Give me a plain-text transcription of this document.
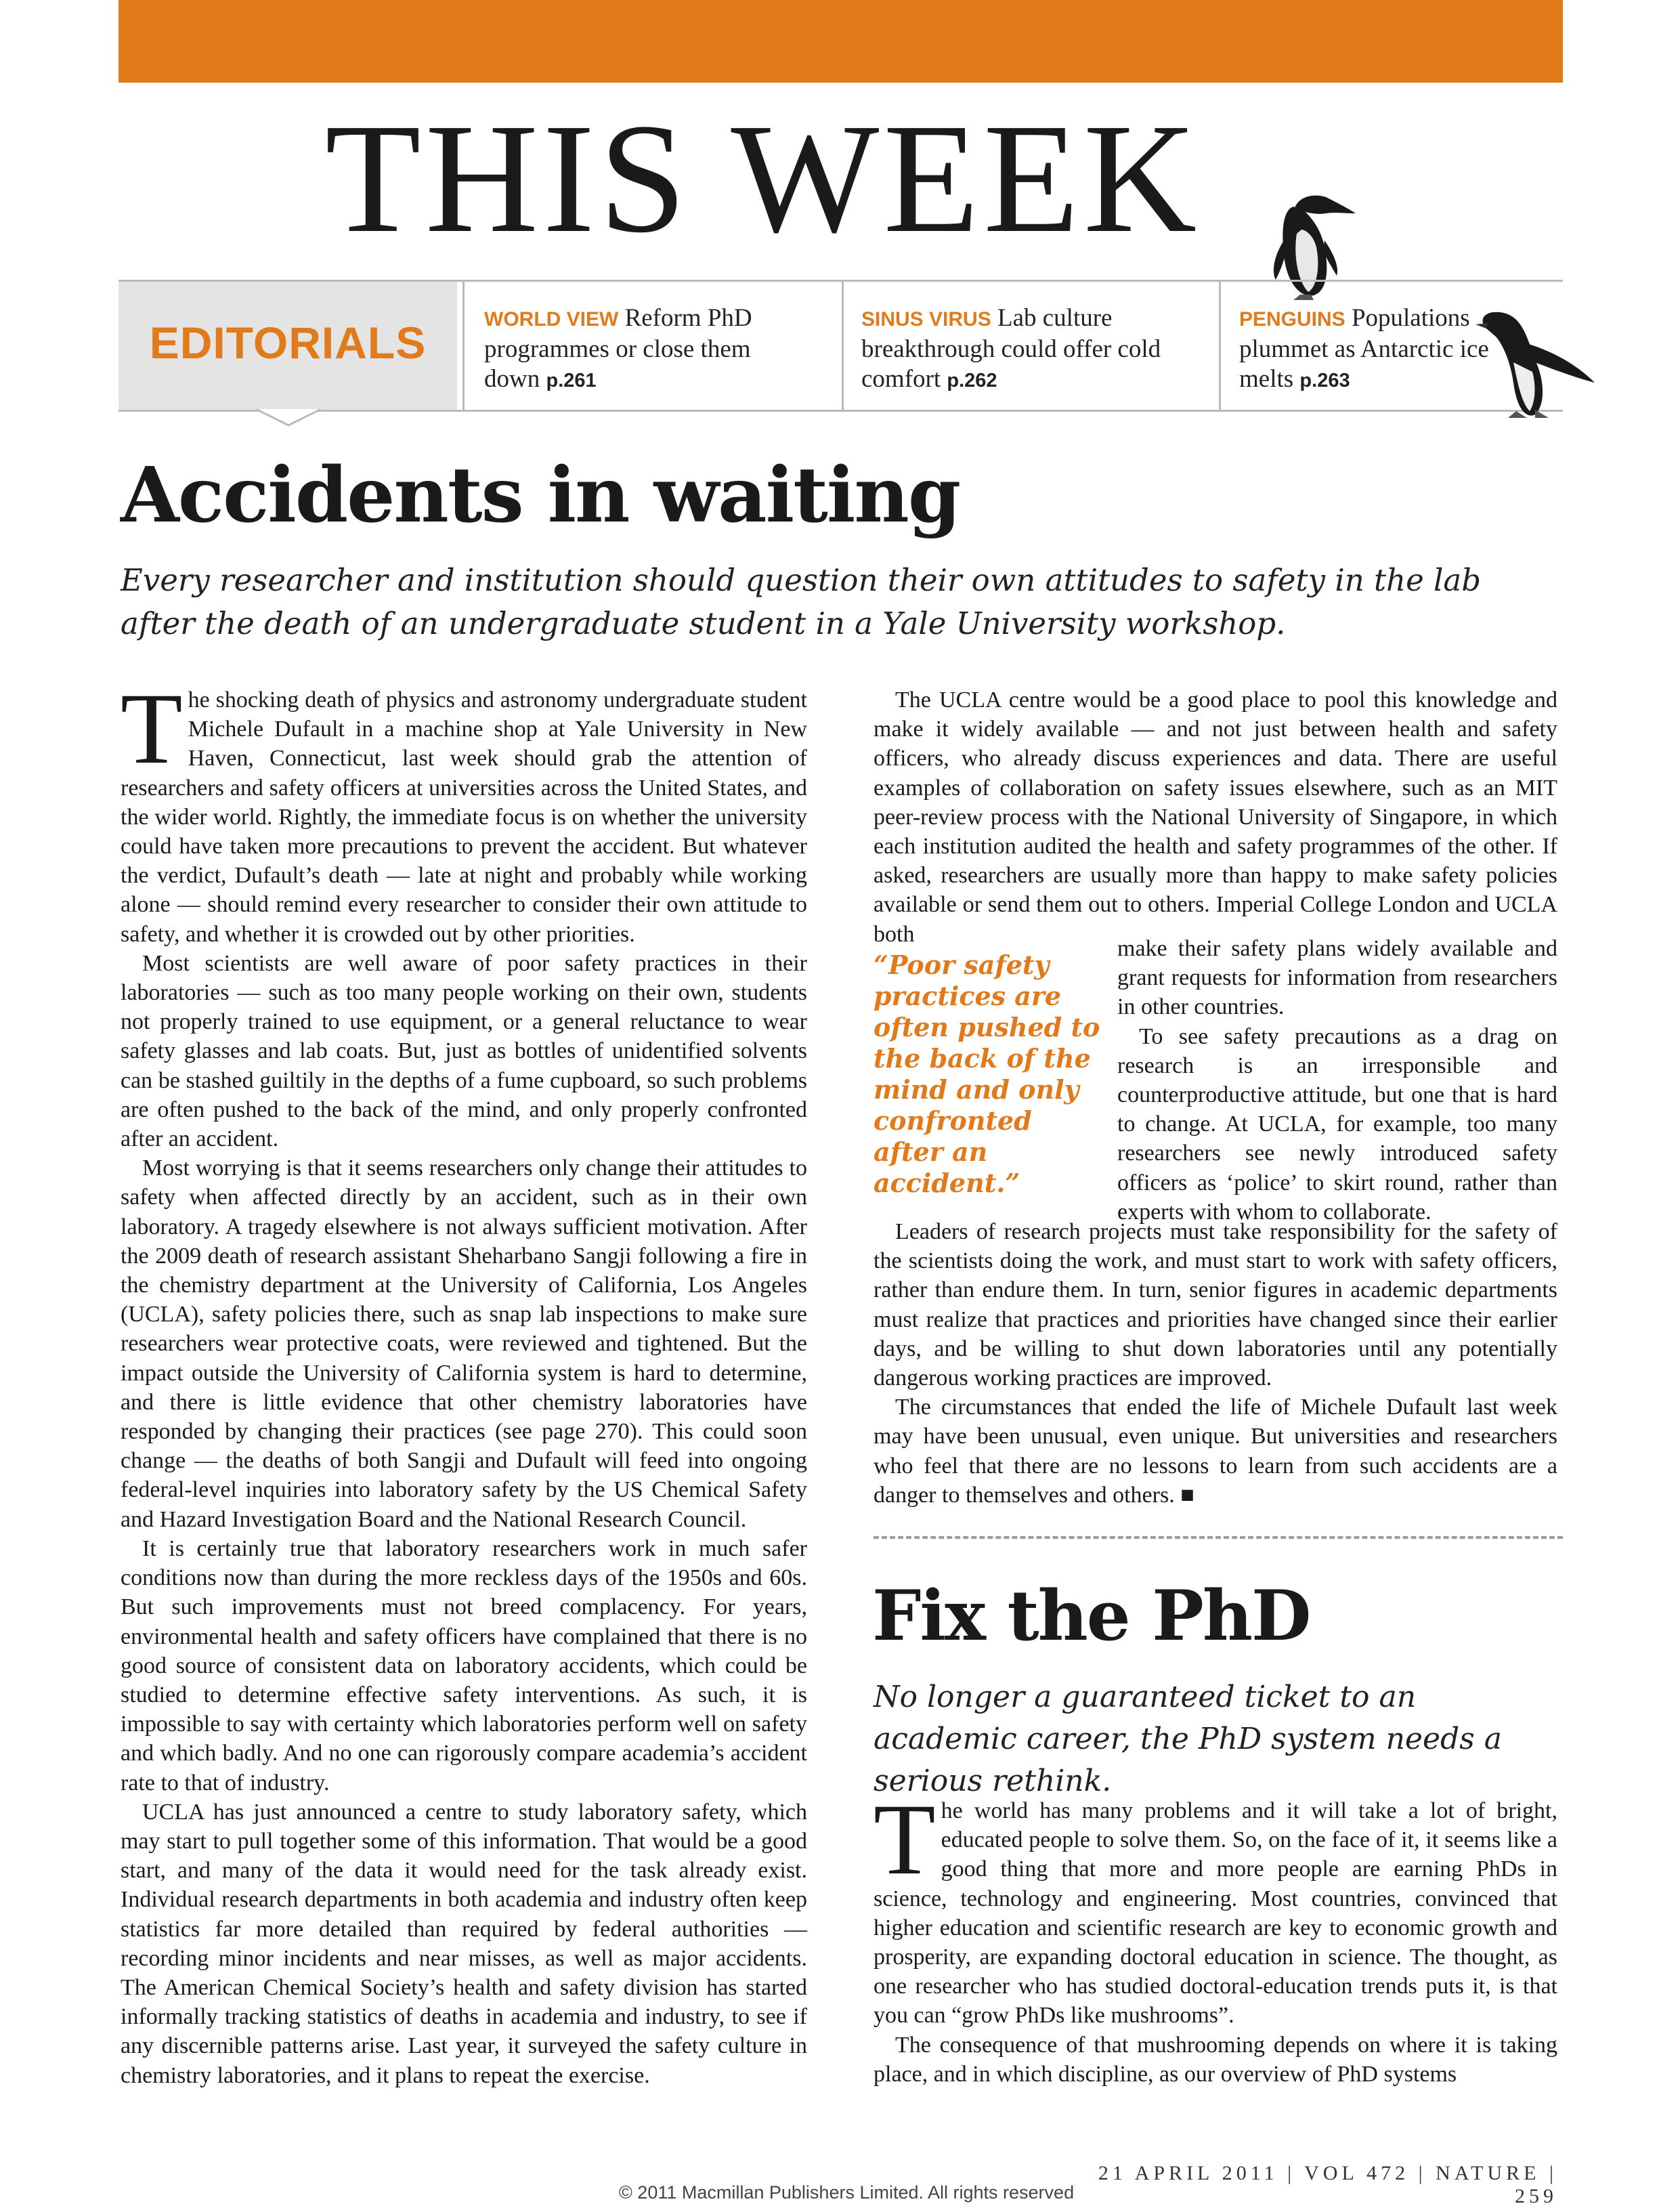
THIS WEEK
EDITORIALS	WORLD VIEW Reform PhD programmes or close them down p.261
SINUS VIRUS Lab culture breakthrough could offer cold comfort p.262
PENGUINS Populations plummet as Antarctic ice melts p.263
Accidents in waiting
Every researcher and institution should question their own attitudes to safety in the lab after the death of an undergraduate student in a Yale University workshop.

The shocking death of physics and astronomy undergraduate student Michele Dufault in a machine shop at Yale University in New Haven, Connecticut, last week should grab the attention of researchers and safety officers at universities across the United States, and the wider world. Rightly, the immediate focus is on whether the university could have taken more precautions to prevent the accident. But whatever the verdict, Dufault’s death — late at night and probably while working alone — should remind every researcher to consider their own attitude to safety, and whether it is crowded out by other priorities.

Most scientists are well aware of poor safety practices in their laboratories — such as too many people working on their own, students not properly trained to use equipment, or a general reluctance to wear safety glasses and lab coats. But, just as bottles of unidentified solvents can be stashed guiltily in the depths of a fume cupboard, so such problems are often pushed to the back of the mind, and only properly confronted after an accident.

Most worrying is that it seems researchers only change their attitudes to safety when affected directly by an accident, such as in their own laboratory. A tragedy elsewhere is not always sufficient motivation. After the 2009 death of research assistant Sheharbano Sangji following a fire in the chemistry department at the University of California, Los Angeles (UCLA), safety policies there, such as snap lab inspections to make sure researchers wear protective coats, were reviewed and tightened. But the impact outside the University of California system is hard to determine, and there is little evidence that other chemistry laboratories have responded by changing their practices (see page 270). This could soon change — the deaths of both Sangji and Dufault will feed into ongoing federal-level inquiries into laboratory safety by the US Chemical Safety and Hazard Investigation Board and the National Research Council.

It is certainly true that laboratory researchers work in much safer conditions now than during the more reckless days of the 1950s and 60s. But such improvements must not breed complacency. For years, environmental health and safety officers have complained that there is no good source of consistent data on laboratory accidents, which could be studied to determine effective safety interventions. As such, it is impossible to say with certainty which laboratories perform well on safety and which badly. And no one can rigorously compare academia’s accident rate to that of industry.

UCLA has just announced a centre to study laboratory safety, which may start to pull together some of this information. That would be a good start, and many of the data it would need for the task already exist. Individual research departments in both academia and industry often keep statistics far more detailed than required by federal authorities — recording minor incidents and near misses, as well as major accidents. The American Chemical Society’s health and safety division has started informally tracking statistics of deaths in academia and industry, to see if any discernible patterns arise. Last year, it surveyed the safety culture in chemistry laboratories, and it plans to repeat the exercise.

The UCLA centre would be a good place to pool this knowledge and make it widely available — and not just between health and safety officers, who already discuss experiences and data. There are useful examples of collaboration on safety issues elsewhere, such as an MIT peer-review process with the National University of Singapore, in which each institution audited the health and safety programmes of the other. If asked, researchers are usually more than happy to make safety policies available or send them out to others. Imperial College London and UCLA both

“Poor safety practices are often pushed to the back of the mind and only confronted after an accident.”

make their safety plans widely available and grant requests for information from researchers in other countries.

To see safety precautions as a drag on research is an irresponsible and counterproductive attitude, but one that is hard to change. At UCLA, for example, too many researchers see newly introduced safety officers as ‘police’ to skirt round, rather than experts with whom to collaborate.

Leaders of research projects must take responsibility for the safety of the scientists doing the work, and must start to work with safety officers, rather than endure them. In turn, senior figures in academic departments must realize that practices and priorities have changed since their earlier days, and be willing to shut down laboratories until any potentially dangerous working practices are improved.

The circumstances that ended the life of Michele Dufault last week may have been unusual, even unique. But universities and researchers who feel that there are no lessons to learn from such accidents are a danger to themselves and others. ■

Fix the PhD
No longer a guaranteed ticket to an academic career, the PhD system needs a serious rethink.

The world has many problems and it will take a lot of bright, educated people to solve them. So, on the face of it, it seems like a good thing that more and more people are earning PhDs in science, technology and engineering. Most countries, convinced that higher education and scientific research are key to economic growth and prosperity, are expanding doctoral education in science. The thought, as one researcher who has studied doctoral-education trends puts it, is that you can “grow PhDs like mushrooms”.

The consequence of that mushrooming depends on where it is taking place, and in which discipline, as our overview of PhD systems

21 APRIL 2011 | VOL 472 | NATURE | 259
© 2011 Macmillan Publishers Limited. All rights reserved
